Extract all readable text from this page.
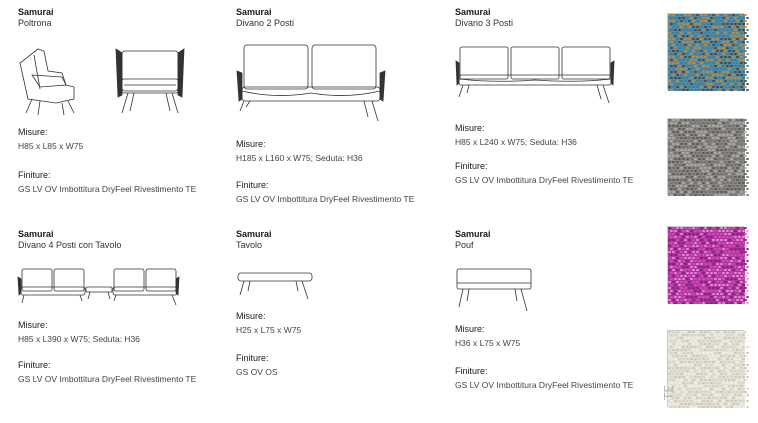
Samurai
Poltrona
Misure:
H85 x L85 x W75
Finiture:
GS LV OV Imbottitura DryFeel Rivestimento TE
Samurai
Divano 2 Posti
Misure:
H185 x L160 x W75; Seduta: H36
Finiture:
GS LV OV Imbottitura DryFeel Rivestimento TE
Samurai
Divano 3 Posti
Misure:
H85 x L240 x W75; Seduta: H36
Finiture:
GS LV OV Imbottitura DryFeel Rivestimento TE
Samurai
Divano 4 Posti con Tavolo
Misure:
H85 x L390 x W75; Seduta: H36
Finiture:
GS LV OV Imbottitura DryFeel Rivestimento TE
Samurai
Tavolo
Misure:
H25 x L75 x W75
Finiture:
GS OV OS
Samurai
Pouf
Misure:
H36 x L75 x W75
Finiture:
GS LV OV Imbottitura DryFeel Rivestimento TE
TE
